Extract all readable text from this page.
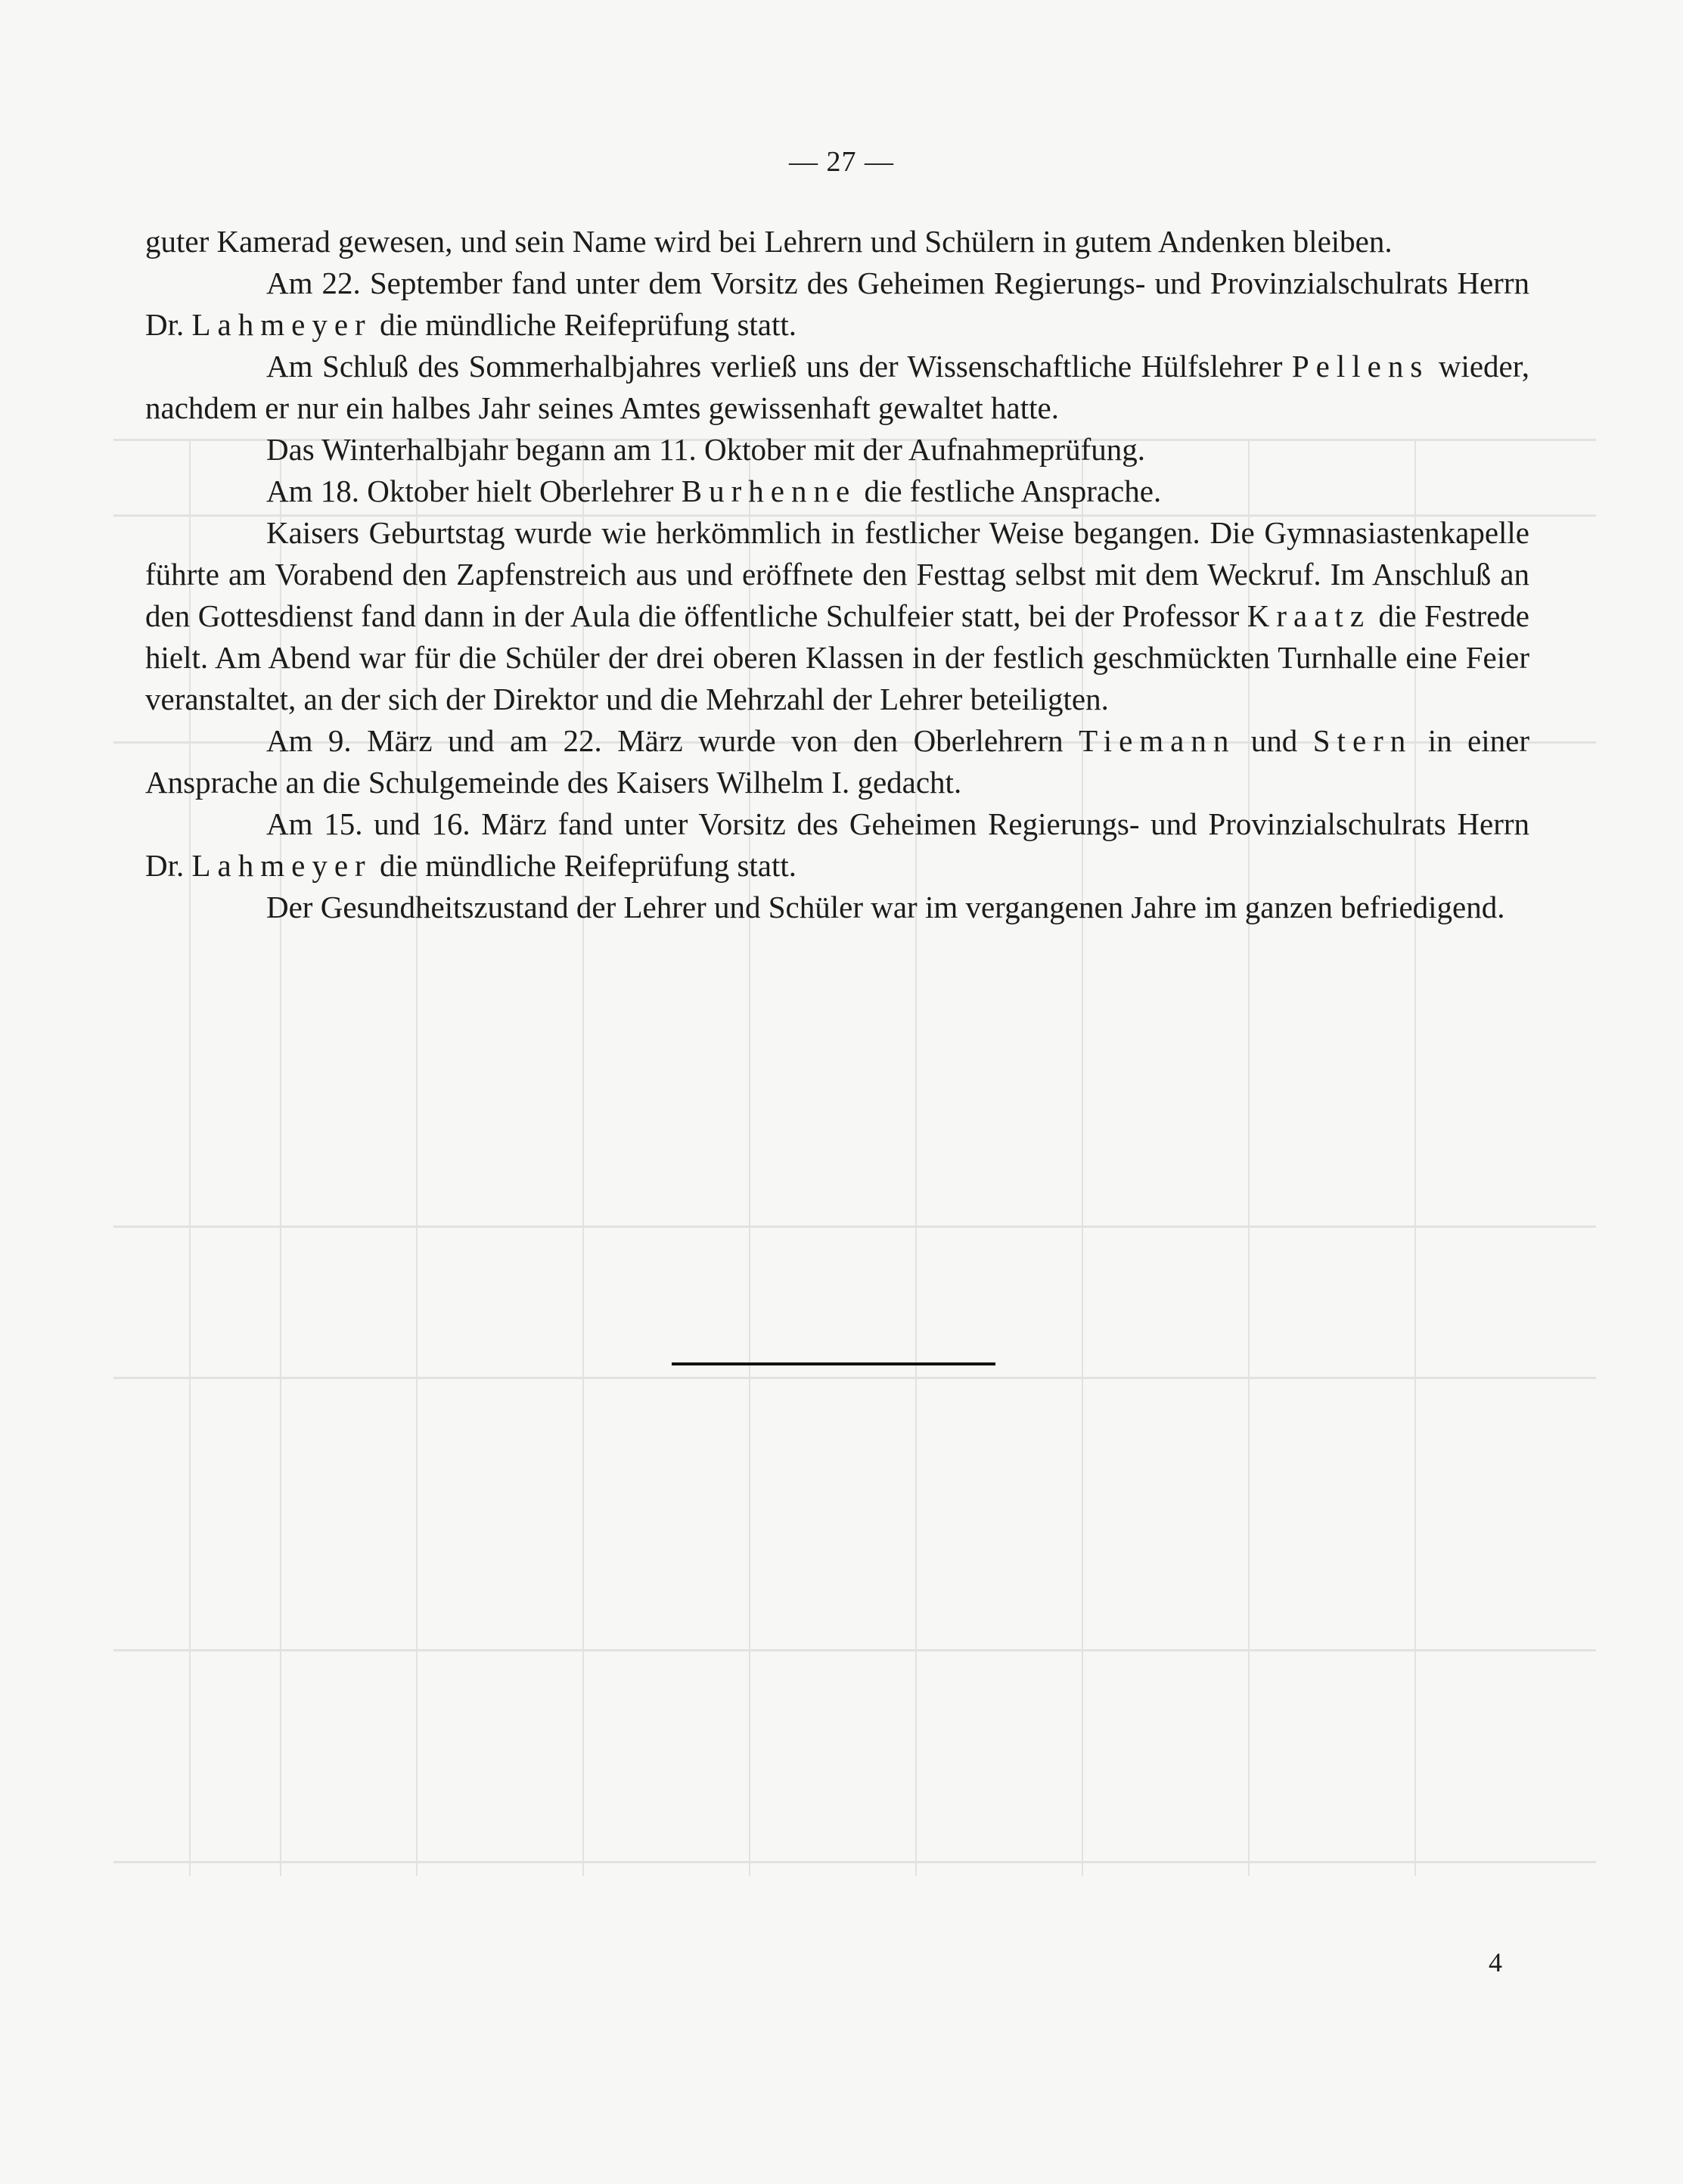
— 27 —

guter Kamerad gewesen, und sein Name wird bei Lehrern und Schülern in gutem Andenken bleiben.

Am 22. September fand unter dem Vorsitz des Geheimen Regierungs- und Provinzialschulrats Herrn Dr. Lahmeyer die mündliche Reifeprüfung statt.

Am Schluß des Sommerhalbjahres verließ uns der Wissenschaftliche Hülfslehrer Pellens wieder, nachdem er nur ein halbes Jahr seines Amtes gewissenhaft gewaltet hatte.

Das Winterhalbjahr begann am 11. Oktober mit der Aufnahmeprüfung.

Am 18. Oktober hielt Oberlehrer Burhenne die festliche Ansprache.

Kaisers Geburtstag wurde wie herkömmlich in festlicher Weise begangen. Die Gymnasiastenkapelle führte am Vorabend den Zapfenstreich aus und eröffnete den Festtag selbst mit dem Weckruf. Im Anschluß an den Gottesdienst fand dann in der Aula die öffentliche Schulfeier statt, bei der Professor Kraatz die Festrede hielt. Am Abend war für die Schüler der drei oberen Klassen in der festlich geschmückten Turnhalle eine Feier veranstaltet, an der sich der Direktor und die Mehrzahl der Lehrer beteiligten.

Am 9. März und am 22. März wurde von den Oberlehrern Tiemann und Stern in einer Ansprache an die Schulgemeinde des Kaisers Wilhelm I. gedacht.

Am 15. und 16. März fand unter Vorsitz des Geheimen Regierungs- und Provinzialschulrats Herrn Dr. Lahmeyer die mündliche Reifeprüfung statt.

Der Gesundheitszustand der Lehrer und Schüler war im vergangenen Jahre im ganzen befriedigend.

4
